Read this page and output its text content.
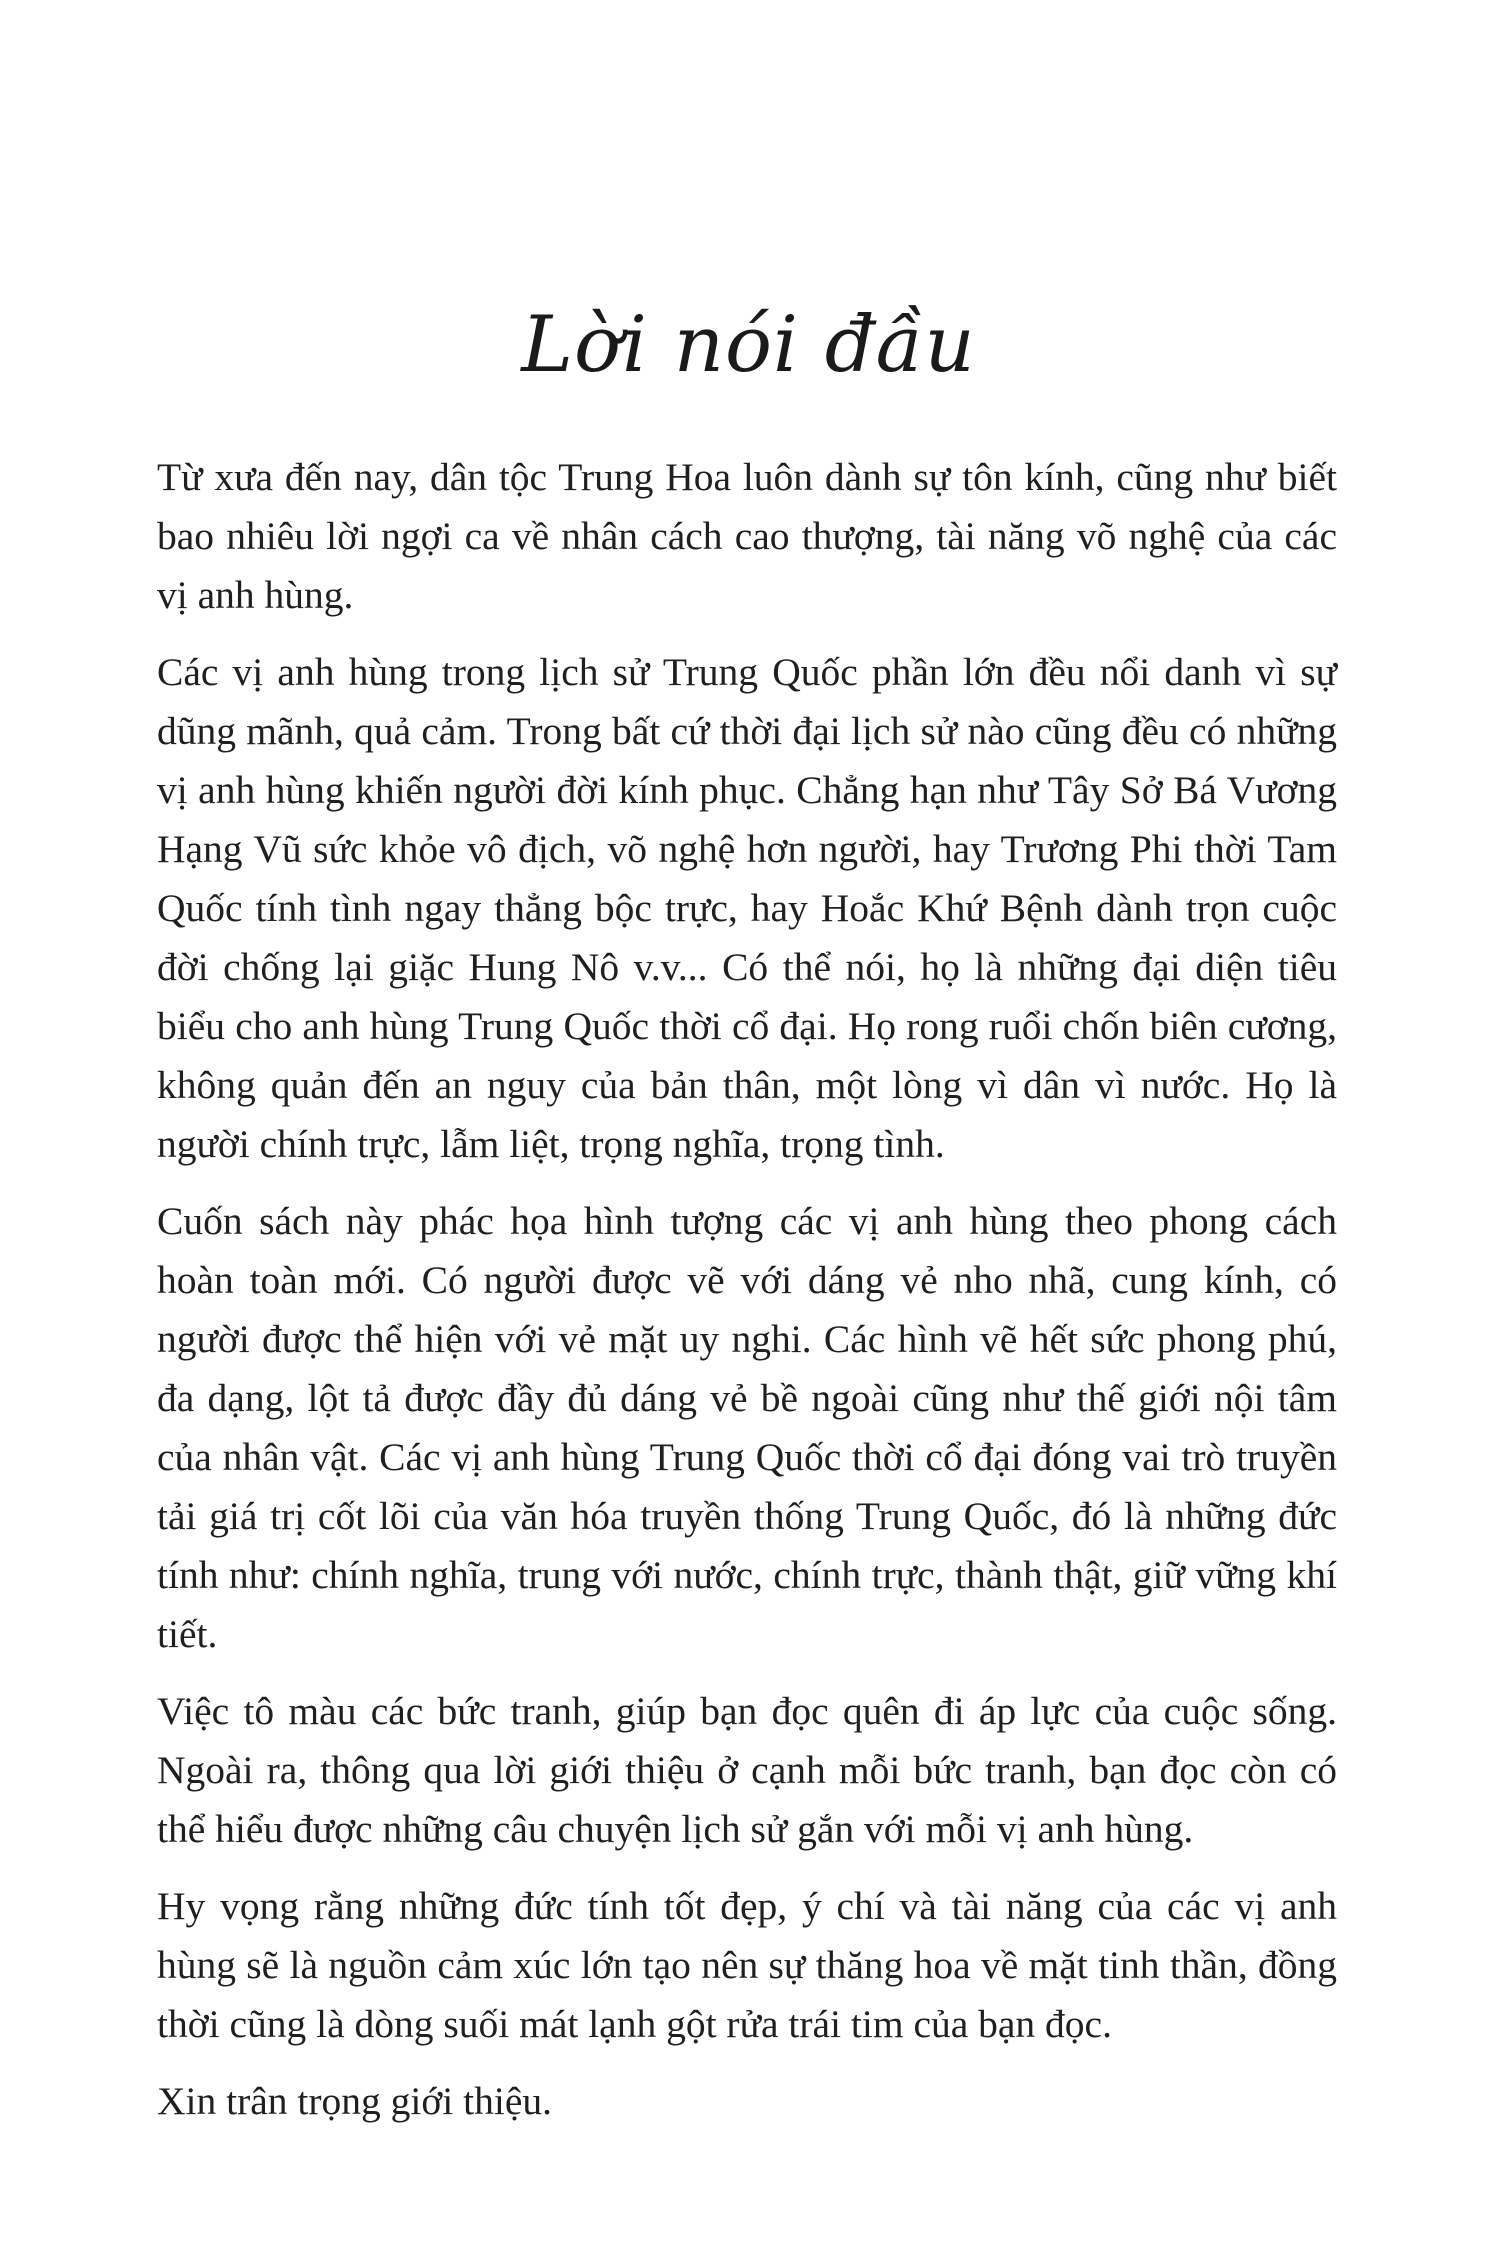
Lời nói đầu

Từ xưa đến nay, dân tộc Trung Hoa luôn dành sự tôn kính, cũng như biết bao nhiêu lời ngợi ca về nhân cách cao thượng, tài năng võ nghệ của các vị anh hùng.

Các vị anh hùng trong lịch sử Trung Quốc phần lớn đều nổi danh vì sự dũng mãnh, quả cảm. Trong bất cứ thời đại lịch sử nào cũng đều có những vị anh hùng khiến người đời kính phục. Chẳng hạn như Tây Sở Bá Vương Hạng Vũ sức khỏe vô địch, võ nghệ hơn người, hay Trương Phi thời Tam Quốc tính tình ngay thẳng bộc trực, hay Hoắc Khứ Bệnh dành trọn cuộc đời chống lại giặc Hung Nô v.v... Có thể nói, họ là những đại diện tiêu biểu cho anh hùng Trung Quốc thời cổ đại. Họ rong ruổi chốn biên cương, không quản đến an nguy của bản thân, một lòng vì dân vì nước. Họ là người chính trực, lẫm liệt, trọng nghĩa, trọng tình.

Cuốn sách này phác họa hình tượng các vị anh hùng theo phong cách hoàn toàn mới. Có người được vẽ với dáng vẻ nho nhã, cung kính, có người được thể hiện với vẻ mặt uy nghi. Các hình vẽ hết sức phong phú, đa dạng, lột tả được đầy đủ dáng vẻ bề ngoài cũng như thế giới nội tâm của nhân vật. Các vị anh hùng Trung Quốc thời cổ đại đóng vai trò truyền tải giá trị cốt lõi của văn hóa truyền thống Trung Quốc, đó là những đức tính như: chính nghĩa, trung với nước, chính trực, thành thật, giữ vững khí tiết.

Việc tô màu các bức tranh, giúp bạn đọc quên đi áp lực của cuộc sống. Ngoài ra, thông qua lời giới thiệu ở cạnh mỗi bức tranh, bạn đọc còn có thể hiểu được những câu chuyện lịch sử gắn với mỗi vị anh hùng.

Hy vọng rằng những đức tính tốt đẹp, ý chí và tài năng của các vị anh hùng sẽ là nguồn cảm xúc lớn tạo nên sự thăng hoa về mặt tinh thần, đồng thời cũng là dòng suối mát lạnh gột rửa trái tim của bạn đọc.

Xin trân trọng giới thiệu.
